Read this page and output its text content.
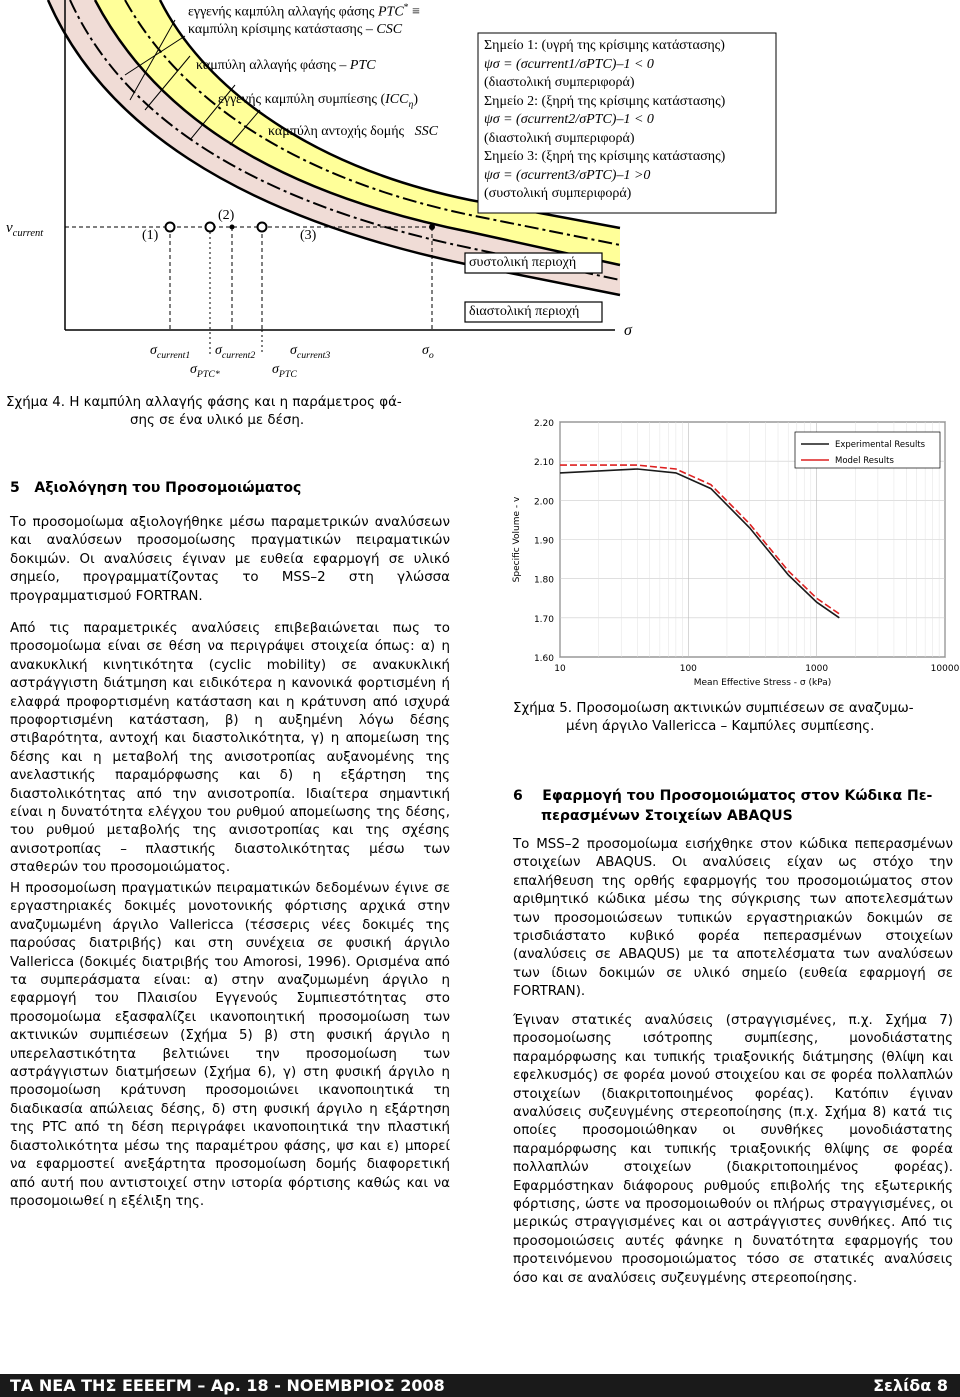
εγγενής καμπύλη αλλαγής φάσης PTC* ≡
καμπύλη κρίσιμης κατάστασης – CSC
καμπύλη αλλαγής φάσης – PTC
εγγενής καμπύλη συμπίεσης $(ICC_\eta)$
καμπύλη αντοχής δομής SSC
Σημείο 1: (υγρή της κρίσιμης κατάστασης)
ψσ = (σcurrent1/σPTC)–1 < 0
(διαστολική συμπεριφορά)
Σημείο 2: (ξηρή της κρίσιμης κατάστασης)
ψσ = (σcurrent2/σPTC)–1 < 0
(διαστολική συμπεριφορά)
Σημείο 3: (ξηρή της κρίσιμης κατάστασης)
ψσ = (σcurrent3/σPTC)–1 >0
(συστολική συμπεριφορά)
$v_{current}$
σ
(1)
(2)
(3)
συστολική περιοχή
διαστολική περιοχή
$\sigma_{current1}$ $\sigma_{current2}$ $\sigma_{current3}$	$\sigma_o$
$\sigma_{PTC*}$	$\sigma_{PTC}$
Σχήμα 4. Η καμπύλη αλλαγής φάσης και η παράμετρος φά-
σης σε ένα υλικό με δέση.
1.60
1.70
1.80
1.90
2.00
2.10
2.20
10	100	1000	10000
Mean Effective Stress - σ (kPa)
Specific Volume - v
Experimental Results
Model Results
Σχήμα 5. Προσομοίωση ακτινικών συμπιέσεων σε αναζυμω-
μένη άργιλο Vallericca – Καμπύλες συμπίεσης.
5 Αξιολόγηση του Προσομοιώματος
Το προσομοίωμα αξιολογήθηκε μέσω παραμετρικών αναλύσεων και αναλύσεων προσομοίωσης πραγματικών πειραματικών δοκιμών. Οι αναλύσεις έγιναν με ευθεία εφαρμογή σε υλικό σημείο, προγραμματίζοντας το MSS–2 στη γλώσσα προγραμματισμού FORTRAN.
Από τις παραμετρικές αναλύσεις επιβεβαιώνεται πως το προσομοίωμα είναι σε θέση να περιγράψει στοιχεία όπως: α) η ανακυκλική κινητικότητα (cyclic mobility) σε ανακυκλική αστράγγιστη διάτμηση και ειδικότερα η κανονικά φορτισμένη ή ελαφρά προφορτισμένη κατάσταση και η κράτυνση από ισχυρά προφορτισμένη κατάσταση, β) η αυξημένη λόγω δέσης στιβαρότητα, αντοχή και διαστολικότητα, γ) η απομείωση της δέσης και η μεταβολή της ανισοτροπίας αυξανομένης της ανελαστικής παραμόρφωσης και δ) η εξάρτηση της διαστολικότητας από την ανισοτροπία. Ιδιαίτερα σημαντική είναι η δυνατότητα ελέγχου του ρυθμού απομείωσης της δέσης, του ρυθμού μεταβολής της ανισοτροπίας και της σχέσης ανισοτροπίας – πλαστικής διαστολικότητας μέσω των σταθερών του προσομοιώματος.
Η προσομοίωση πραγματικών πειραματικών δεδομένων έγινε σε εργαστηριακές δοκιμές μονοτονικής φόρτισης αρχικά στην αναζυμωμένη άργιλο Vallericca (τέσσερις νέες δοκιμές της παρούσας διατριβής) και στη συνέχεια σε φυσική άργιλο Vallericca (δοκιμές διατριβής του Amorosi, 1996). Ορισμένα από τα συμπεράσματα είναι: α) στην αναζυμωμένη άργιλο η εφαρμογή του Πλαισίου Εγγενούς Συμπιεστότητας στο προσομοίωμα εξασφαλίζει ικανοποιητική προσομοίωση των ακτινικών συμπιέσεων (Σχήμα 5) β) στη φυσική άργιλο η υπερελαστικότητα βελτιώνει την προσομοίωση των αστράγγιστων διατμήσεων (Σχήμα 6), γ) στη φυσική άργιλο η προσομοίωση κράτυνση προσομοιώνει ικανοποιητικά τη διαδικασία απώλειας δέσης, δ) στη φυσική άργιλο η εξάρτηση της PTC από τη δέση περιγράφει ικανοποιητικά την πλαστική διαστολικότητα μέσω της παραμέτρου φάσης, ψσ και ε) μπορεί να εφαρμοστεί ανεξάρτητα προσομοίωση δομής διαφορετική από αυτή που αντιστοιχεί στην ιστορία φόρτισης καθώς και να προσομοιωθεί η εξέλιξη της.
6 Εφαρμογή του Προσομοιώματος στον Κώδικα Πε-
περασμένων Στοιχείων ABAQUS
Το MSS–2 προσομοίωμα εισήχθηκε στον κώδικα πεπερασμένων στοιχείων ABAQUS. Οι αναλύσεις είχαν ως στόχο την επαλήθευση της ορθής εφαρμογής του προσομοιώματος στον αριθμητικό κώδικα μέσω της σύγκρισης των αποτελεσμάτων των προσομοιώσεων τυπικών εργαστηριακών δοκιμών σε τρισδιάστατο κυβικό φορέα πεπερασμένων στοιχείων (αναλύσεις σε ABAQUS) με τα αποτελέσματα των αναλύσεων των ίδιων δοκιμών σε υλικό σημείο (ευθεία εφαρμογή σε FORTRAN).
Έγιναν στατικές αναλύσεις (στραγγισμένες, π.χ. Σχήμα 7) προσομοίωσης ισότροπης συμπίεσης, μονοδιάστατης παραμόρφωσης και τυπικής τριαξονικής διάτμησης (θλίψη και εφελκυσμός) σε φορέα μονού στοιχείου και σε φορέα πολλαπλών στοιχείων (διακριτοποιημένος φορέας). Κατόπιν έγιναν αναλύσεις συζευγμένης στερεοποίησης (π.χ. Σχήμα 8) κατά τις οποίες προσομοιώθηκαν οι συνθήκες μονοδιάστατης παραμόρφωσης και τυπικής τριαξονικής θλίψης σε φορέα πολλαπλών στοιχείων (διακριτοποιημένος φορέας). Εφαρμόστηκαν διάφορους ρυθμούς επιβολής της εξωτερικής φόρτισης, ώστε να προσομοιωθούν οι πλήρως στραγγισμένες, οι μερικώς στραγγισμένες και οι αστράγγιστες συνθήκες. Από τις προσομοιώσεις αυτές φάνηκε η δυνατότητα εφαρμογής του προτεινόμενου προσομοιώματος τόσο σε στατικές αναλύσεις όσο και σε αναλύσεις συζευγμένης στερεοποίησης.
ΤΑ ΝΕΑ ΤΗΣ ΕΕΕΕΓΜ – Αρ. 18 - ΝΟΕΜΒΡΙΟΣ 2008	Σελίδα 8
